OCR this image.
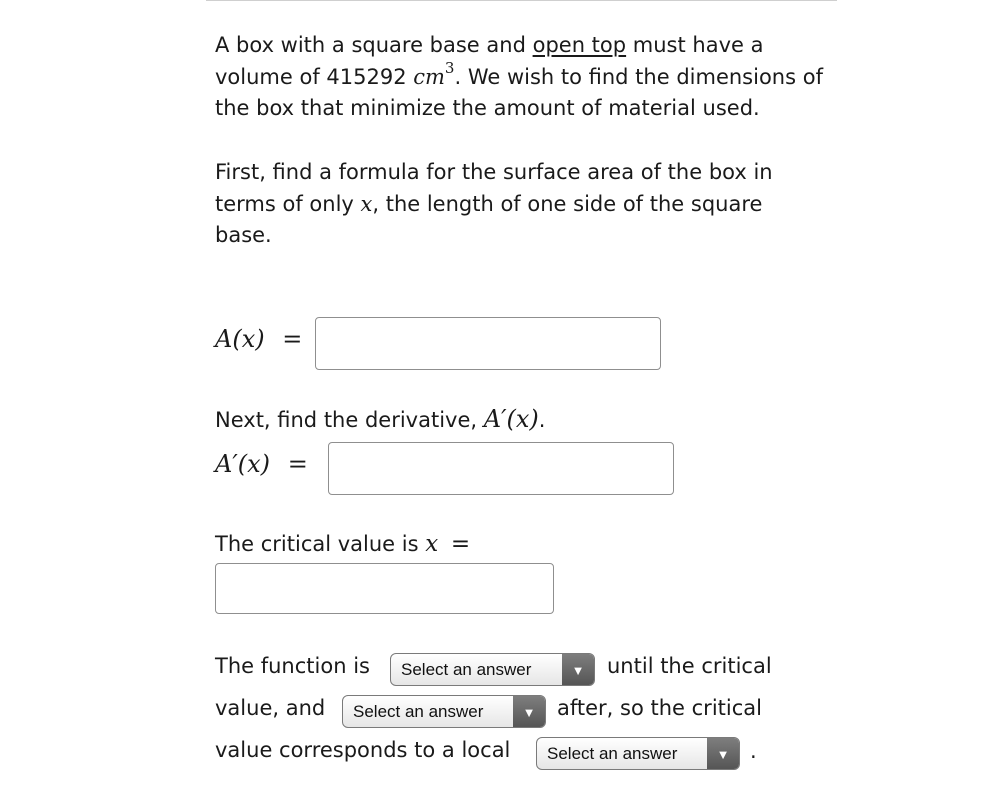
A box with a square base and open top must have a volume of 415292 $cm^3$. We wish to find the dimensions of the box that minimize the amount of material used.

First, find a formula for the surface area of the box in terms of only x, the length of one side of the square base.

A(x) =
Next, find the derivative, A′(x).
A′(x) =
The critical value is x =
The function is Select an answer	▼	until the critical
value, and Select an answer	▼	after, so the critical
value corresponds to a local Select an answer	▼ .
